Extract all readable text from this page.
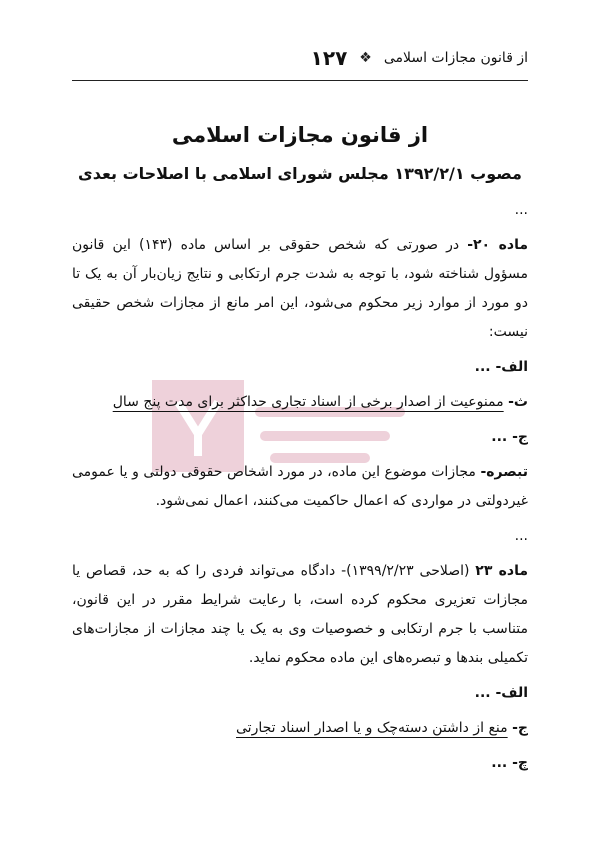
از قانون مجازات اسلامی
❖
۱۲۷
از قانون مجازات اسلامی
مصوب ۱۳۹۲/۲/۱ مجلس شورای اسلامی با اصلاحات بعدی

...

ماده ۲۰- در صورتی که شخص حقوقی بر اساس ماده (۱۴۳) این قانون مسؤول شناخته شود، با توجه به شدت جرم ارتکابی و نتایج زیان‌بار آن به یک تا دو مورد از موارد زیر محکوم می‌شود، این امر مانع از مجازات شخص حقیقی نیست:

الف- ...

ث- ممنوعیت از اصدار برخی از اسناد تجاری حداکثر برای مدت پنج سال

ج- ...

تبصره- مجازات موضوع این ماده، در مورد اشخاص حقوقی دولتی و یا عمومی غیردولتی در مواردی که اعمال حاکمیت می‌کنند، اعمال نمی‌شود.

...

ماده ۲۳ (اصلاحی ۱۳۹۹/۲/۲۳)- دادگاه می‌تواند فردی را که به حد، قصاص یا مجازات تعزیری محکوم کرده است، با رعایت شرایط مقرر در این قانون، متناسب با جرم ارتکابی و خصوصیات وی به یک یا چند مجازات از مجازات‌های تکمیلی بندها و تبصره‌های این ماده محکوم نماید.

الف- ...

ج- منع از داشتن دسته‌چک و یا اصدار اسناد تجارتی

چ- ...
